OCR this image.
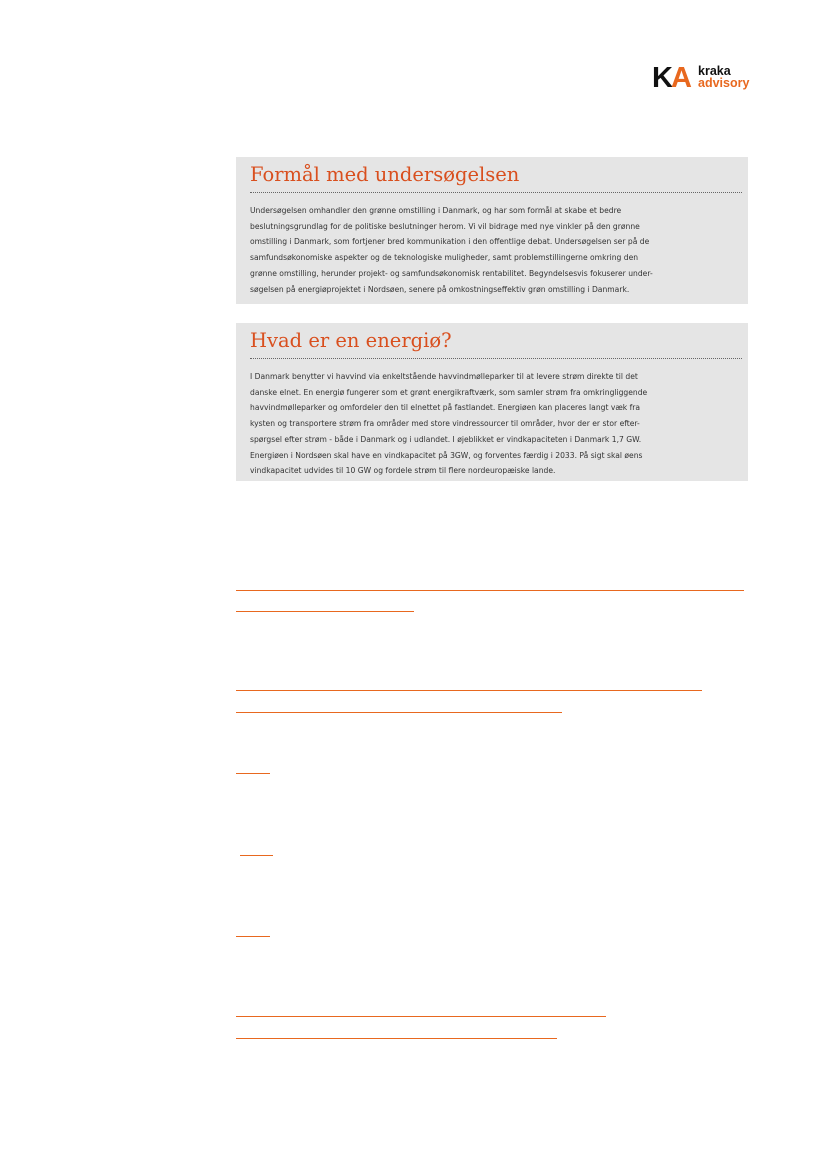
KA kraka
advisory
Formål med undersøgelsen

Undersøgelsen omhandler den grønne omstilling i Danmark, og har som formål at skabe et bedre
beslutningsgrundlag for de politiske beslutninger herom. Vi vil bidrage med nye vinkler på den grønne
omstilling i Danmark, som fortjener bred kommunikation i den offentlige debat. Undersøgelsen ser på de
samfundsøkonomiske aspekter og de teknologiske muligheder, samt problemstillingerne omkring den
grønne omstilling, herunder projekt- og samfundsøkonomisk rentabilitet. Begyndelsesvis fokuserer under-
søgelsen på energiøprojektet i Nordsøen, senere på omkostningseffektiv grøn omstilling i Danmark.

Hvad er en energiø?

I Danmark benytter vi havvind via enkeltstående havvindmølleparker til at levere strøm direkte til det
danske elnet. En energiø fungerer som et grønt energikraftværk, som samler strøm fra omkringliggende
havvindmølleparker og omfordeler den til elnettet på fastlandet. Energiøen kan placeres langt væk fra
kysten og transportere strøm fra områder med store vindressourcer til områder, hvor der er stor efter-
spørgsel efter strøm - både i Danmark og i udlandet. I øjeblikket er vindkapaciteten i Danmark 1,7 GW.
Energiøen i Nordsøen skal have en vindkapacitet på 3GW, og forventes færdig i 2033. På sigt skal øens
vindkapacitet udvides til 10 GW og fordele strøm til flere nordeuropæiske lande.
